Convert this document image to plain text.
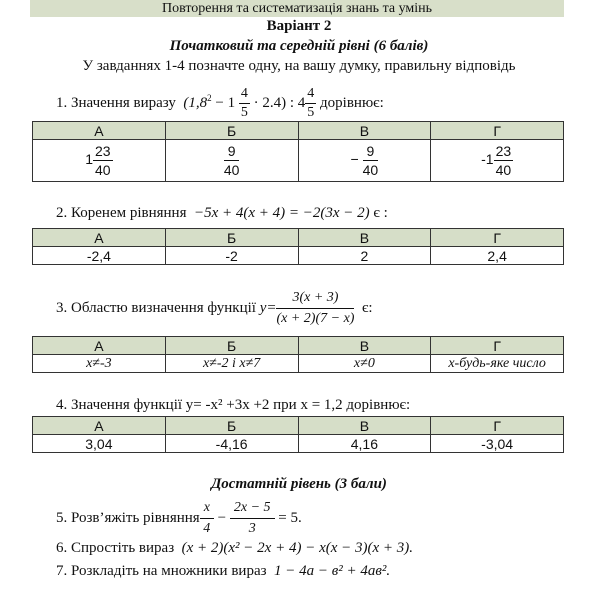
Повторення та систематизація знань та умінь
Варіант 2
Початковий та середній рівні (6 балів)
У завданнях 1-4 позначте одну, на вашу думку, правильну відповідь
1. Значення виразу $(1,8^2 - 1 \frac{4}{5} \cdot 2.4)$ : $4 \frac{4}{5}$ дорівнює:
А	Б	В	Г
$1 \frac{23}{40}$	$\frac{9}{40}$	− $\frac{9}{40}$	$-1 \frac{23}{40}$
2. Коренем рівняння −5x + 4(x + 4) = −2(3x − 2) є :
А	Б	В	Г
-2,4	-2	2	2,4
3. Областю визначення функції $y= \frac{3(x + 3)}{(x + 2)(7 - x)} є$:
А	Б	В	Г
x≠-3	x≠-2 і x≠7	x≠0	x-будь-яке число
4. Значення функції y= -x² +3x +2 при x = 1,2 дорівнює:
А	Б	В	Г
3,04	-4,16	4,16	-3,04
Достатній рівень (3 бали)
5. Розв’яжіть рівняння $\frac{x}{4} - \frac{2x - 5}{3} = 5$.
6. Спростіть вираз (x + 2)(x² − 2x + 4) − x(x − 3)(x + 3).
7. Розкладіть на множники вираз 1 − 4a − в² + 4ав².
